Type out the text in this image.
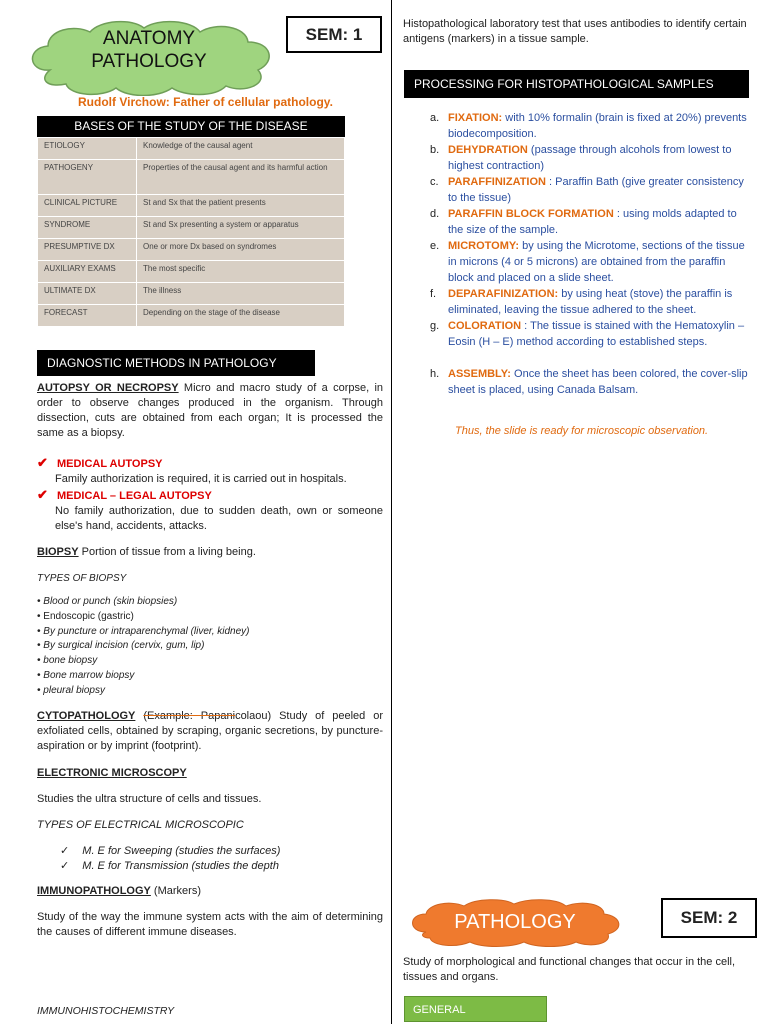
ANATOMY
PATHOLOGY
SEM: 1
Rudolf Virchow: Father of cellular pathology.
BASES OF THE STUDY OF THE DISEASE
ETIOLOGY	Knowledge of the causal agent
PATHOGENY	Properties of the causal agent and its harmful action
CLINICAL PICTURE	St and Sx that the patient presents
SYNDROME	St and Sx presenting a system or apparatus
PRESUMPTIVE DX	One or more Dx based on syndromes
AUXILIARY EXAMS	The most specific
ULTIMATE DX	The illness
FORECAST	Depending on the stage of the disease
DIAGNOSTIC METHODS IN PATHOLOGY
AUTOPSY OR NECROPSY Micro and macro study of a corpse, in order to observe changes produced in the organism. Through dissection, cuts are obtained from each organ; It is processed the same as a biopsy.
✔ MEDICAL AUTOPSY
Family authorization is required, it is carried out in hospitals.
✔ MEDICAL – LEGAL AUTOPSY
No family authorization, due to sudden death, own or someone else's hand, accidents, attacks.
BIOPSY Portion of tissue from a living being.
TYPES OF BIOPSY
• Blood or punch (skin biopsies)
• Endoscopic (gastric)
• By puncture or intraparenchymal (liver, kidney)
• By surgical incision (cervix, gum, lip)
• bone biopsy
• Bone marrow biopsy
• pleural biopsy
CYTOPATHOLOGY (Example: Papanicolaou) Study of peeled or exfoliated cells, obtained by scraping, organic secretions, by puncture-aspiration or by imprint (footprint).
ELECTRONIC MICROSCOPY
Studies the ultra structure of cells and tissues.
TYPES OF ELECTRICAL MICROSCOPIC
✓ M. E for Sweeping (studies the surfaces)
✓ M. E for Transmission (studies the depth
IMMUNOPATHOLOGY (Markers)
Study of the way the immune system acts with the aim of determining the causes of different immune diseases.
IMMUNOHISTOCHEMISTRY
Histopathological laboratory test that uses antibodies to identify certain antigens (markers) in a tissue sample.
PROCESSING FOR HISTOPATHOLOGICAL SAMPLES
a. FIXATION: with 10% formalin (brain is fixed at 20%) prevents biodecomposition.
b. DEHYDRATION (passage through alcohols from lowest to highest contraction)
c. PARAFFINIZATION : Paraffin Bath (give greater consistency to the tissue)
d. PARAFFIN BLOCK FORMATION : using molds adapted to the size of the sample.
e. MICROTOMY: by using the Microtome, sections of the tissue in microns (4 or 5 microns) are obtained from the paraffin block and placed on a slide sheet.
f. DEPARAFINIZATION: by using heat (stove) the paraffin is eliminated, leaving the tissue adhered to the sheet.
g. COLORATION : The tissue is stained with the Hematoxylin – Eosin (H – E) method according to established steps.
h. ASSEMBLY: Once the sheet has been colored, the cover-slip sheet is placed, using Canada Balsam.
Thus, the slide is ready for microscopic observation.
PATHOLOGY	SEM: 2
Study of morphological and functional changes that occur in the cell, tissues and organs.
GENERAL
